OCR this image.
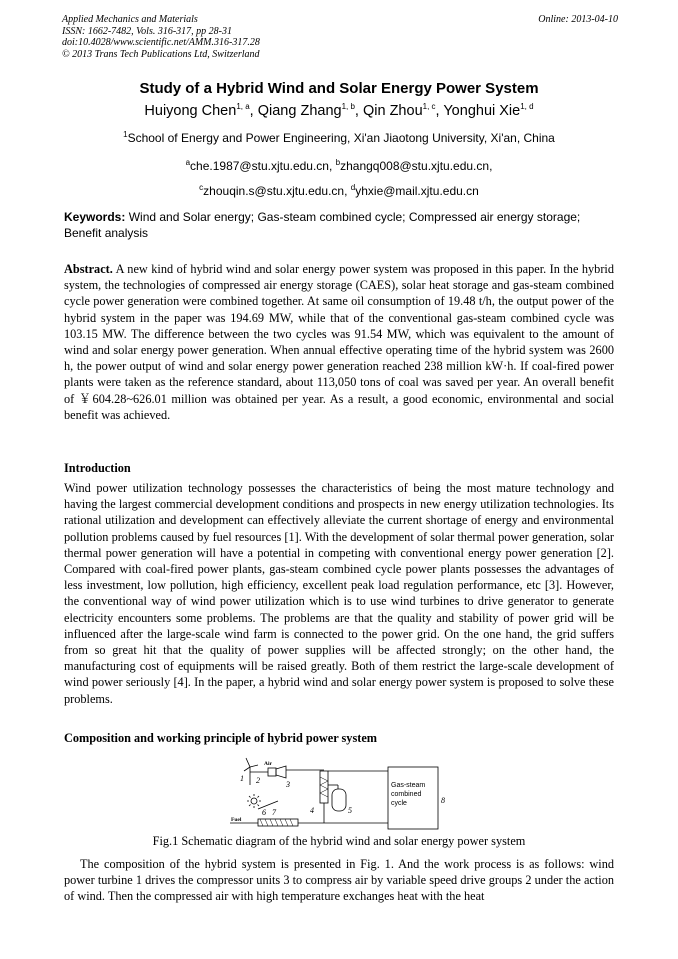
Applied Mechanics and Materials
ISSN: 1662-7482, Vols. 316-317, pp 28-31
doi:10.4028/www.scientific.net/AMM.316-317.28
© 2013 Trans Tech Publications Ltd, Switzerland
Online: 2013-04-10
Study of a Hybrid Wind and Solar Energy Power System
Huiyong Chen$^{1, a}$, Qiang Zhang$^{1, b}$, Qin Zhou$^{1, c}$, Yonghui Xie$^{1, d}$
$^1$School of Energy and Power Engineering, Xi'an Jiaotong University, Xi'an, China
$^a$che.1987@stu.xjtu.edu.cn, $^b$zhangq008@stu.xjtu.edu.cn,
$^c$zhouqin.s@stu.xjtu.edu.cn, $^d$yhxie@mail.xjtu.edu.cn
Keywords: Wind and Solar energy; Gas-steam combined cycle; Compressed air energy storage; Benefit analysis
Abstract. A new kind of hybrid wind and solar energy power system was proposed in this paper. In the hybrid system, the technologies of compressed air energy storage (CAES), solar heat storage and gas-steam combined cycle power generation were combined together. At same oil consumption of 19.48 t/h, the output power of the hybrid system in the paper was 194.69 MW, while that of the conventional gas-steam combined cycle was 103.15 MW. The difference between the two cycles was 91.54 MW, which was equivalent to the amount of wind and solar energy power generation. When annual effective operating time of the hybrid system was 2600 h, the power output of wind and solar energy power generation reached 238 million kW·h. If coal-fired power plants were taken as the reference standard, about 113,050 tons of coal was saved per year. An overall benefit of ￥604.28~626.01 million was obtained per year. As a result, a good economic, environmental and social benefit was achieved.
Introduction
Wind power utilization technology possesses the characteristics of being the most mature technology and having the largest commercial development conditions and prospects in new energy utilization technologies. Its rational utilization and development can effectively alleviate the current shortage of energy and environmental pollution problems caused by fuel resources [1]. With the development of solar thermal power generation, solar thermal power generation will have a potential in competing with conventional energy power generation [2]. Compared with coal-fired power plants, gas-steam combined cycle power plants possesses the advantages of less investment, low pollution, high efficiency, excellent peak load regulation performance, etc [3]. However, the conventional way of wind power utilization which is to use wind turbines to drive generator to generate electricity encounters some problems. The problems are that the quality and stability of power grid will be influenced after the large-scale wind farm is connected to the power grid. On the one hand, the grid suffers from so great hit that the quality of power supplies will be affected strongly; on the other hand, the manufacturing cost of equipments will be raised greatly. Both of them restrict the large-scale development of wind power seriously [4]. In the paper, a hybrid wind and solar energy power system is proposed to solve these problems.
Composition and working principle of hybrid power system
1 2	3
4	5
6 7
8
Air
Fuel
Gas-steam
combined
cycle
Fig.1 Schematic diagram of the hybrid wind and solar energy power system
The composition of the hybrid system is presented in Fig. 1. And the work process is as follows: wind power turbine 1 drives the compressor units 3 to compress air by variable speed drive groups 2 under the action of wind. Then the compressed air with high temperature exchanges heat with the heat
